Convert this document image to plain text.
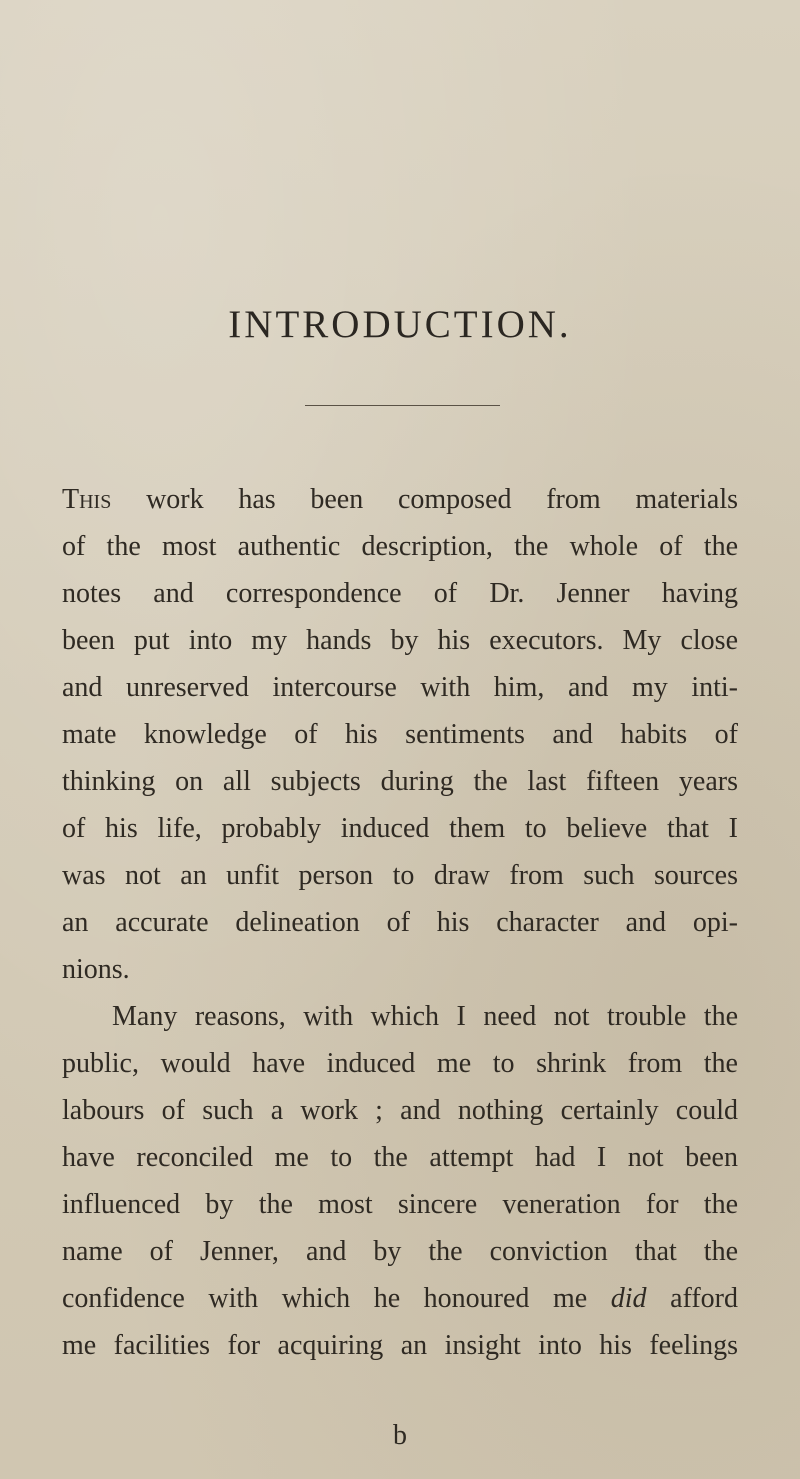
INTRODUCTION.
This work has been composed from materials
of the most authentic description, the whole of the
notes and correspondence of Dr. Jenner having
been put into my hands by his executors. My close
and unreserved intercourse with him, and my inti-
mate knowledge of his sentiments and habits of
thinking on all subjects during the last fifteen years
of his life, probably induced them to believe that I
was not an unfit person to draw from such sources
an accurate delineation of his character and opi-
nions.
Many reasons, with which I need not trouble the
public, would have induced me to shrink from the
labours of such a work ; and nothing certainly could
have reconciled me to the attempt had I not been
influenced by the most sincere veneration for the
name of Jenner, and by the conviction that the
confidence with which he honoured me did afford
me facilities for acquiring an insight into his feelings
b
